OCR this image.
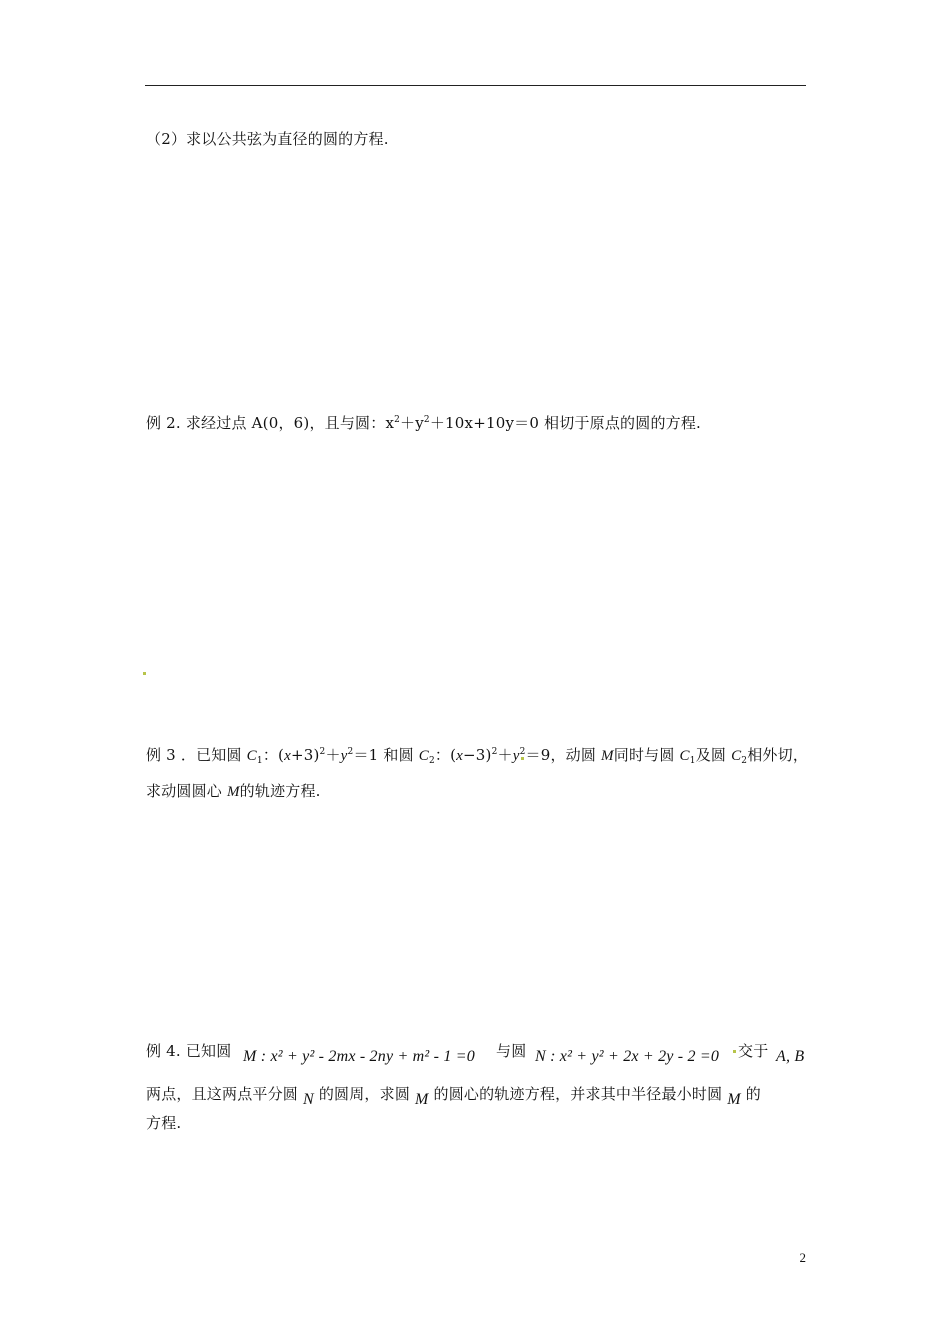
（2）求以公共弦为直径的圆的方程.
例 2. 求经过点 A(0，6)，且与圆：$x^2+y^2+10x+10y=0$ 相切于原点的圆的方程.
例 3 ．已知圆 $C_1$：$(x+3)^2+y^2=1$ 和圆 $C_2$：$(x-3)^2+y^2=9$，动圆 M同时与圆 $C_1$及圆 $C_2$相外切，
求动圆圆心 M的轨迹方程.
例 4. 已知圆 M : x² + y² - 2mx - 2ny + m² - 1 =0 与圆 N : x² + y² + 2x + 2y - 2 =0 交于 A, B
两点，且这两点平分圆 N 的圆周，求圆 M 的圆心的轨迹方程，并求其中半径最小时圆 M 的
方程.
2
